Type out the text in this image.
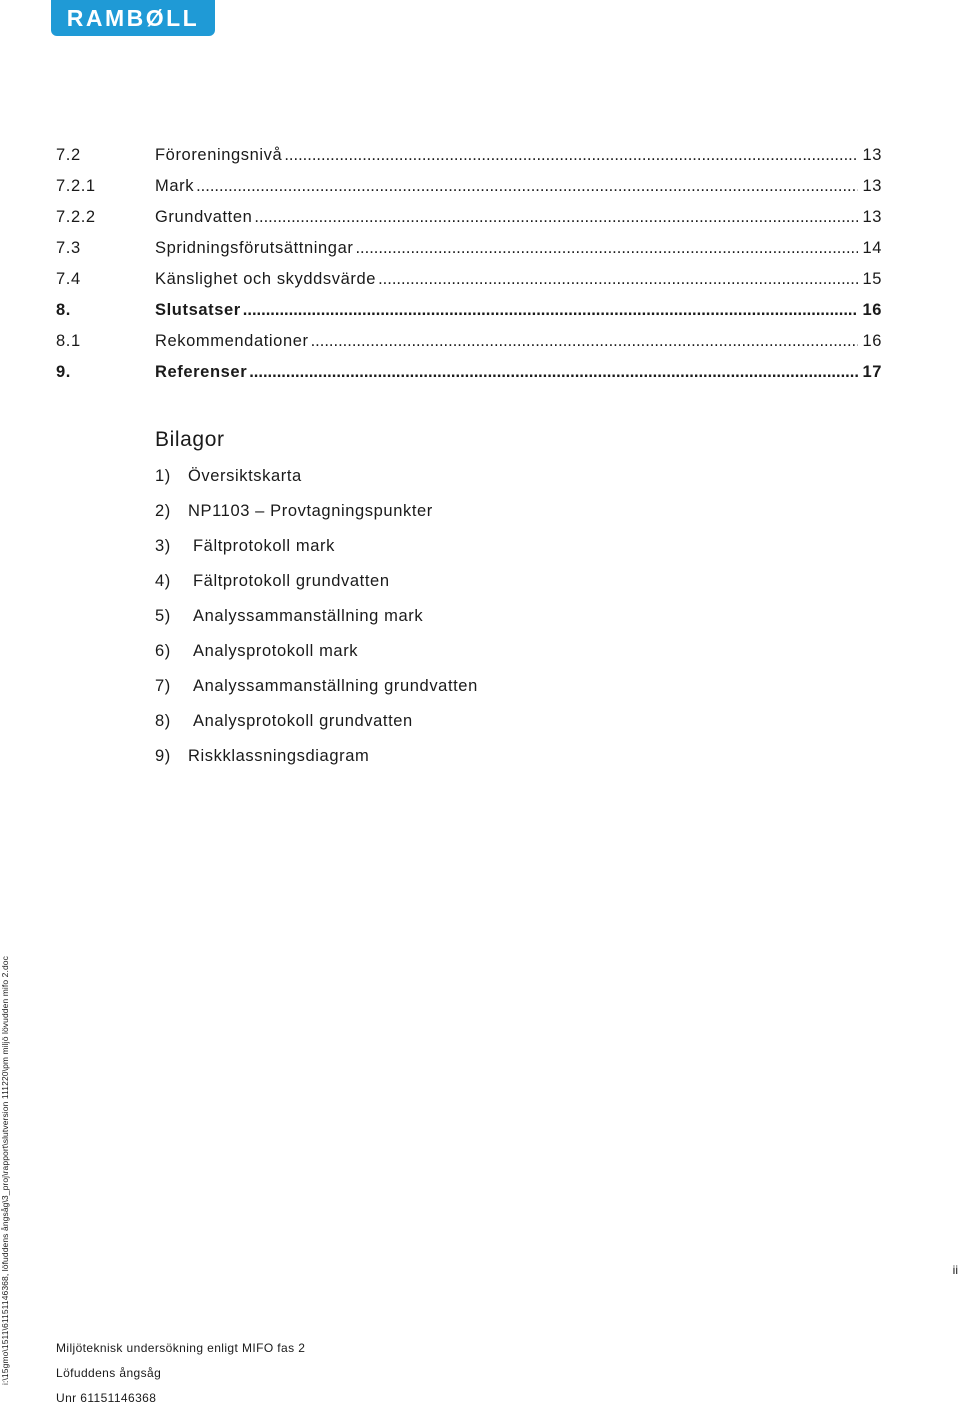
RAMBØLL
7.2	Föroreningsnivå .....	13
7.2.1	Mark .....	13
7.2.2	Grundvatten .....	13
7.3	Spridningsförutsättningar .....	14
7.4	Känslighet och skyddsvärde .....	15
8.	Slutsatser .....	16
8.1	Rekommendationer .....	16
9.	Referenser .....	17
Bilagor
1)	Översiktskarta
2)	NP1103 – Provtagningspunkter
3)	Fältprotokoll mark
4)	Fältprotokoll grundvatten
5)	Analyssammanställning mark
6)	Analysprotokoll mark
7)	Analyssammanställning grundvatten
8)	Analysprotokoll grundvatten
9)	Riskklassningsdiagram
i:\15gmo\1511\61151146368, löfuddens ångsåg\3_proj\rapport\slutversion 111220\pm miljö lövudden mifo 2.doc	ii
Miljöteknisk undersökning enligt MIFO fas 2
Löfuddens ångsåg
Unr 61151146368
